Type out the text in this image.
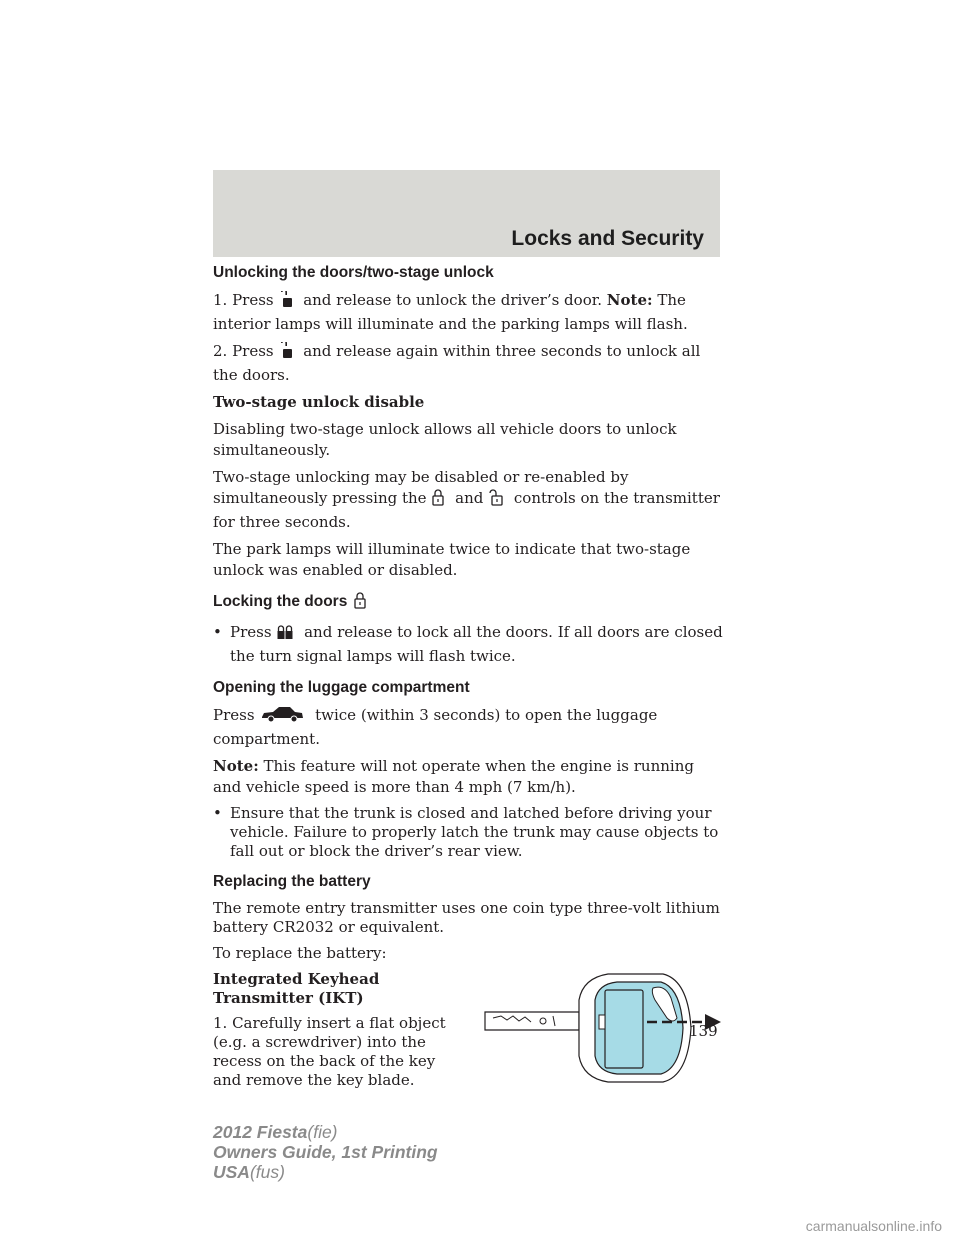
Locks and Security
Unlocking the doors/two-stage unlock

1. Press and release to unlock the driver’s door. Note: The interior lamps will illuminate and the parking lamps will flash.

2. Press and release again within three seconds to unlock all the doors.

Two-stage unlock disable

Disabling two-stage unlock allows all vehicle doors to unlock simultaneously.

Two-stage unlocking may be disabled or re-enabled by simultaneously pressing the and controls on the transmitter for three seconds.

The park lamps will illuminate twice to indicate that two-stage unlock was enabled or disabled.

Locking the doors
• Press and release to lock all the doors. If all doors are closed the turn signal lamps will flash twice.
Opening the luggage compartment

Press	twice (within 3 seconds) to open the luggage compartment.

Note: This feature will not operate when the engine is running and vehicle speed is more than 4 mph (7 km/h).

• Ensure that the trunk is closed and latched before driving your vehicle. Failure to properly latch the trunk may cause objects to fall out or block the driver’s rear view.
Replacing the battery

The remote entry transmitter uses one coin type three-volt lithium battery CR2032 or equivalent.

To replace the battery:

Integrated Keyhead Transmitter (IKT)

1. Carefully insert a flat object (e.g. a screwdriver) into the recess on the back of the key and remove the key blade.

139
2012 Fiesta(fie)
Owners Guide, 1st Printing
USA(fus)
carmanualsonline.info
